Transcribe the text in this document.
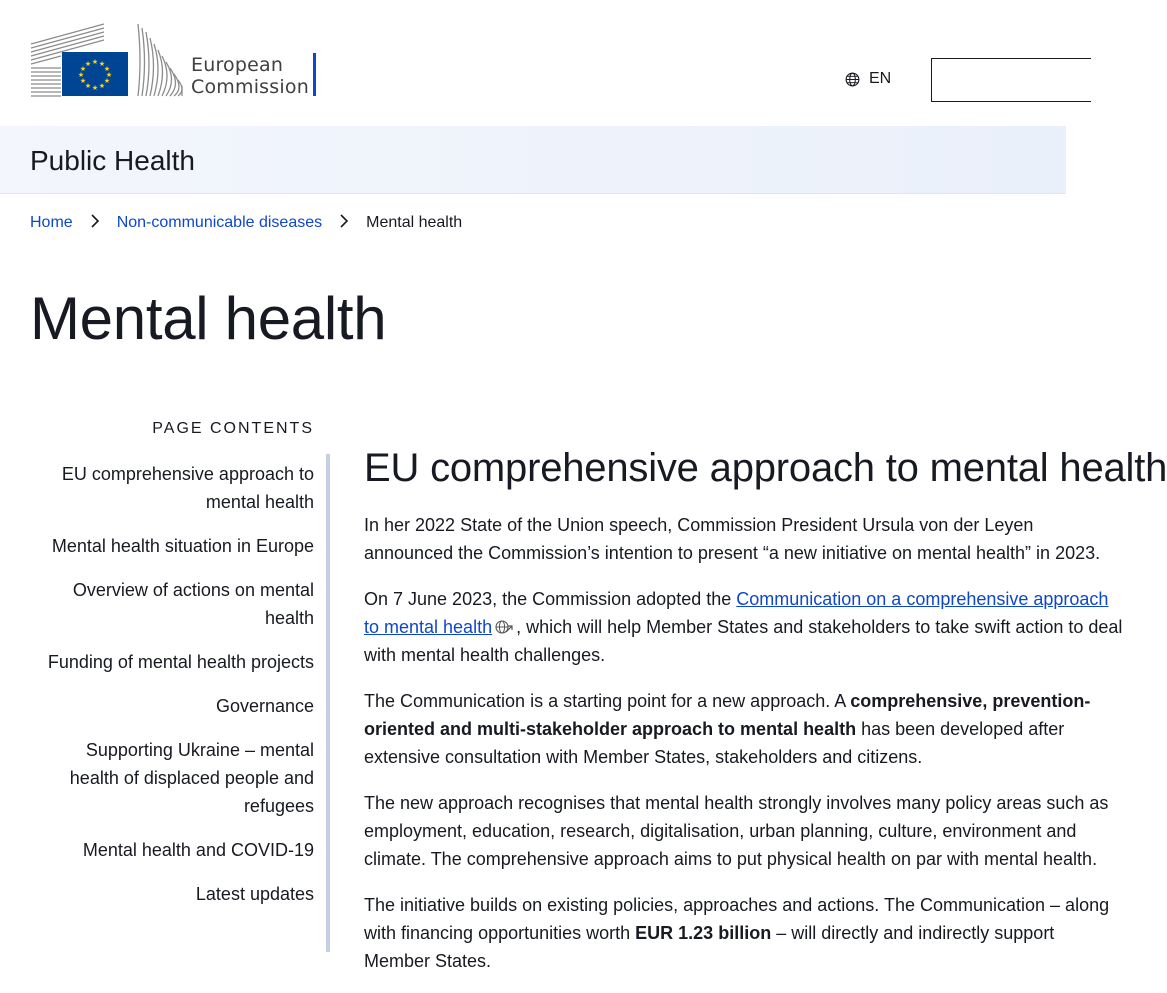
★ ★
★
★
★
★
★
★
★
★
★
★	European
Commission	EN
Public Health
Home	Non-communicable diseases	Mental health
Mental health
PAGE CONTENTS
EU comprehensive approach to mental health
Mental health situation in Europe
Overview of actions on mental health
Funding of mental health projects
Governance
Supporting Ukraine – mental health of displaced people and refugees
Mental health and COVID-19
Latest updates
EU comprehensive approach to mental health

In her 2022 State of the Union speech, Commission President Ursula von der Leyen announced the Commission’s intention to present “a new initiative on mental health” in 2023.

On 7 June 2023, the Commission adopted the Communication on a comprehensive approach to mental health , which will help Member States and stakeholders to take swift action to deal with mental health challenges.

The Communication is a starting point for a new approach. A comprehensive, prevention-oriented and multi-stakeholder approach to mental health has been developed after extensive consultation with Member States, stakeholders and citizens.

The new approach recognises that mental health strongly involves many policy areas such as employment, education, research, digitalisation, urban planning, culture, environment and climate. The comprehensive approach aims to put physical health on par with mental health.

The initiative builds on existing policies, approaches and actions. The Communication – along with financing opportunities worth EUR 1.23 billion – will directly and indirectly support Member States.
